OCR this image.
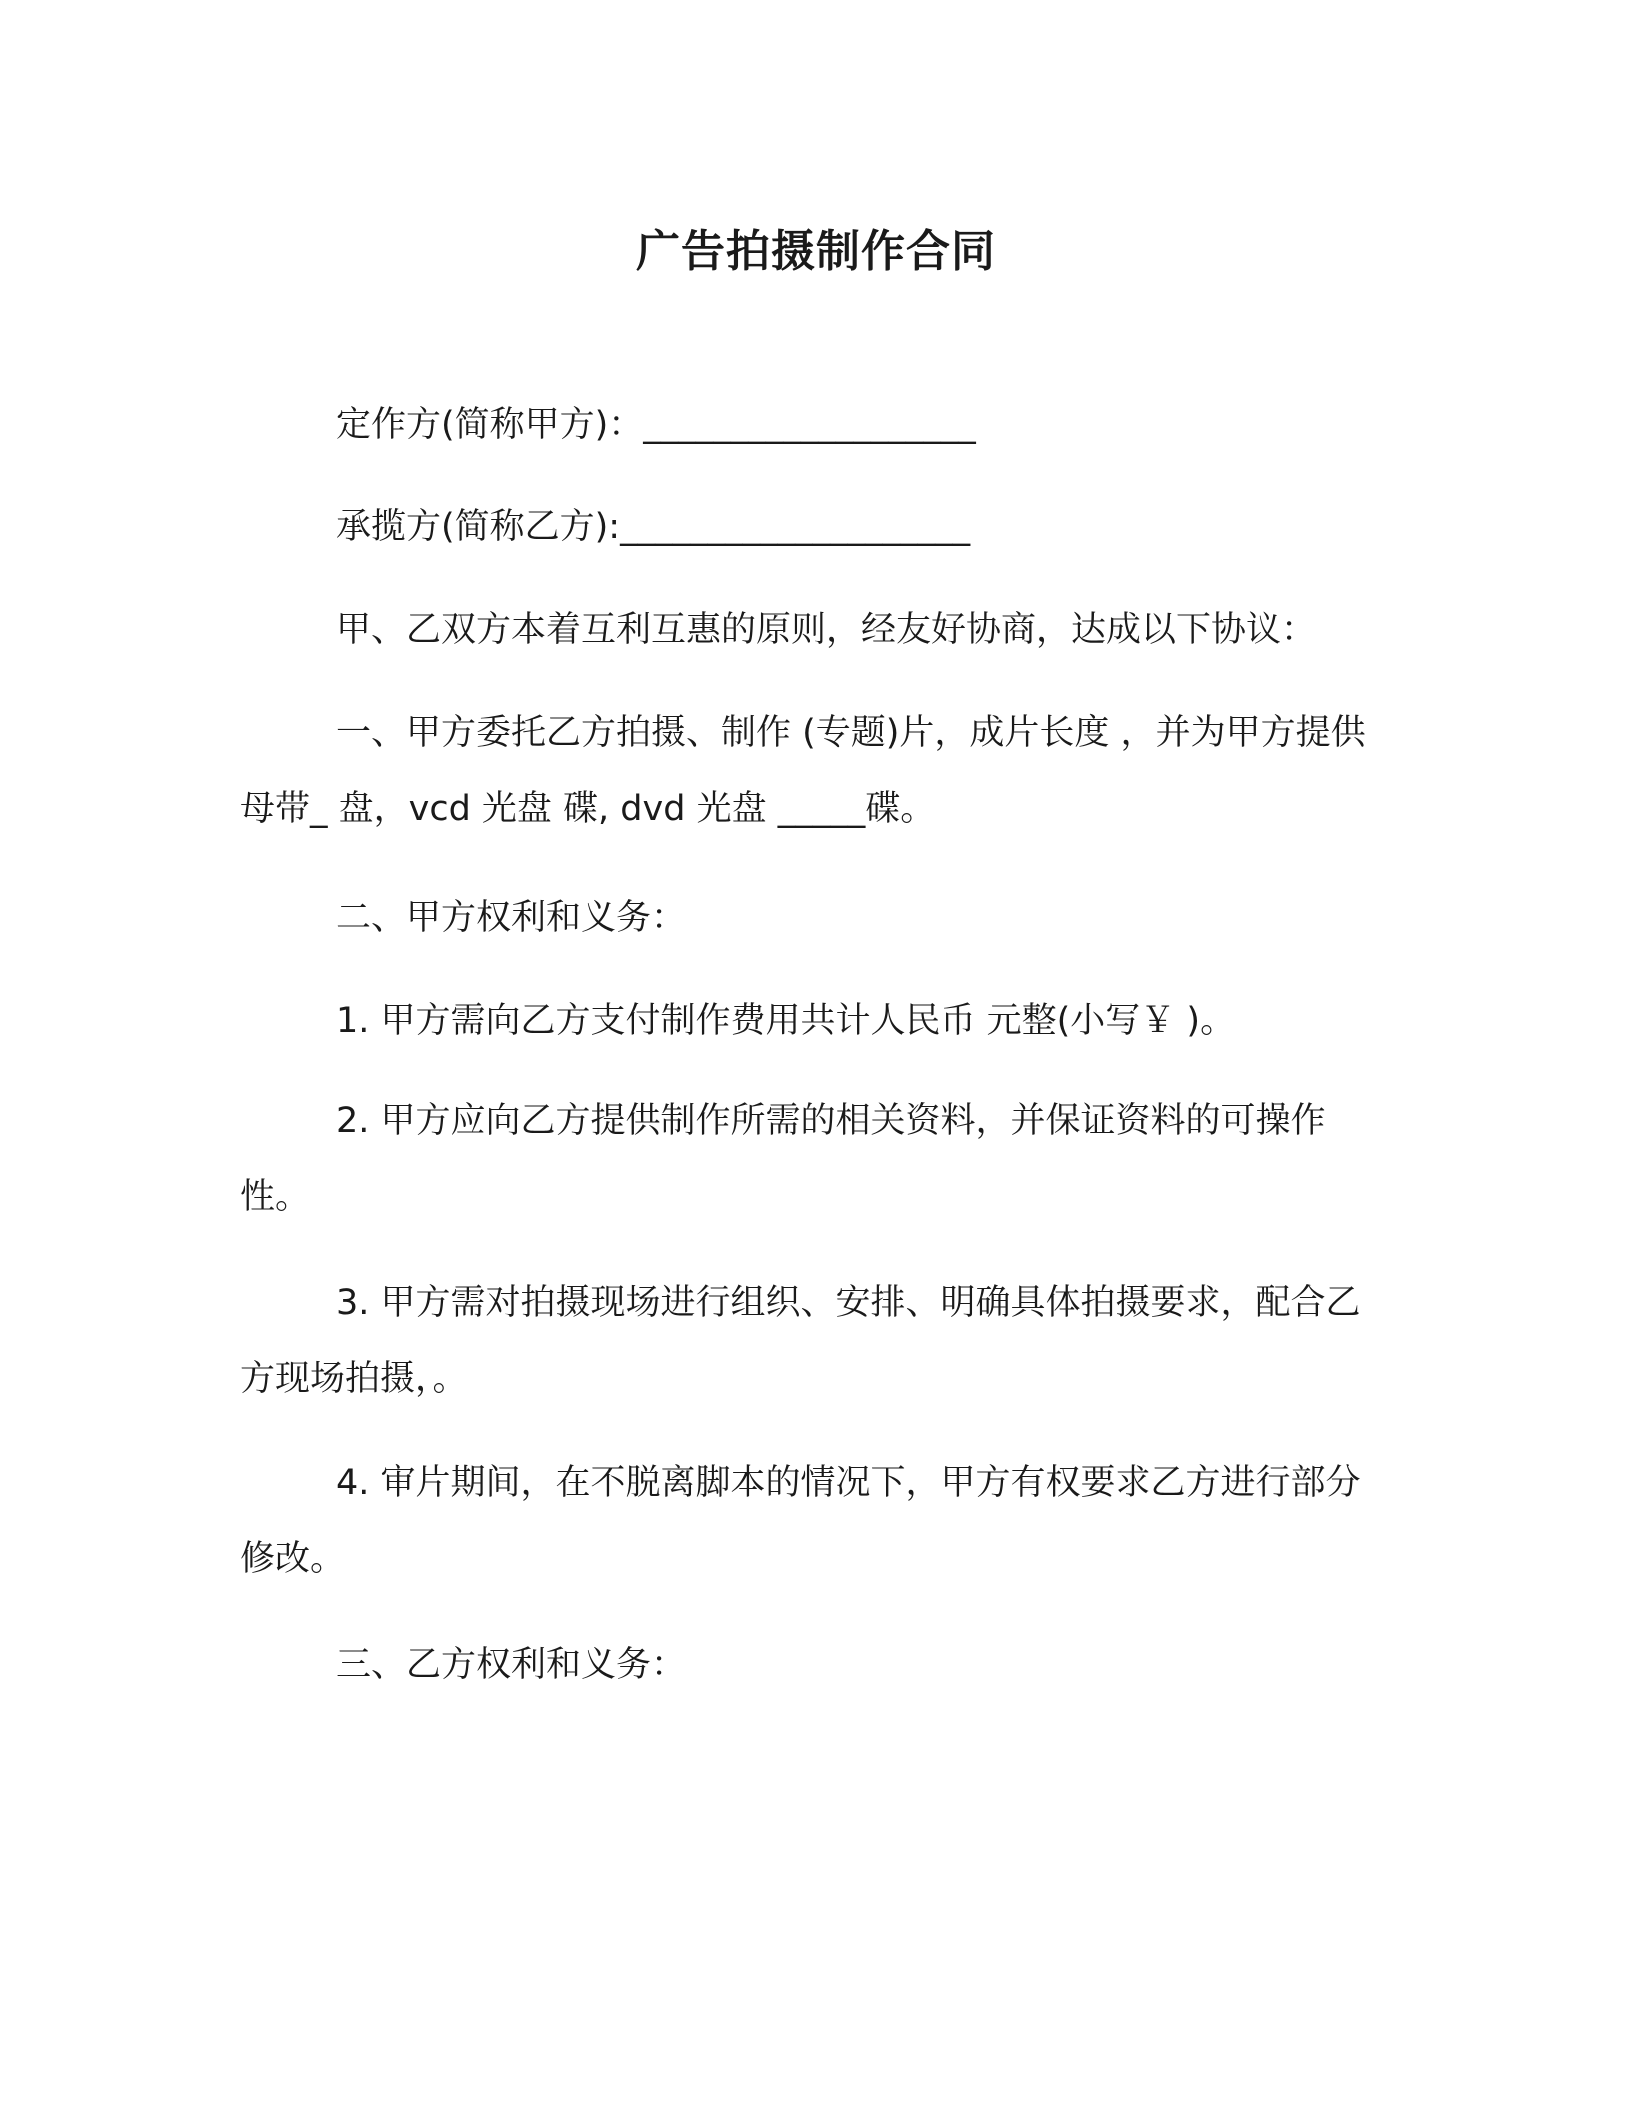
广告拍摄制作合同

定作方(简称甲方)：___________________

承揽方(简称乙方):____________________

甲、乙双方本着互利互惠的原则，经友好协商，达成以下协议：

一、甲方委托乙方拍摄、制作 (专题)片，成片长度 ，并为甲方提供母带_ 盘，vcd 光盘 碟, dvd 光盘 _____碟。

二、甲方权利和义务：

1. 甲方需向乙方支付制作费用共计人民币 元整(小写￥ )。

2. 甲方应向乙方提供制作所需的相关资料，并保证资料的可操作性。

3. 甲方需对拍摄现场进行组织、安排、明确具体拍摄要求，配合乙方现场拍摄，。

4. 审片期间，在不脱离脚本的情况下，甲方有权要求乙方进行部分修改。

三、乙方权利和义务：
